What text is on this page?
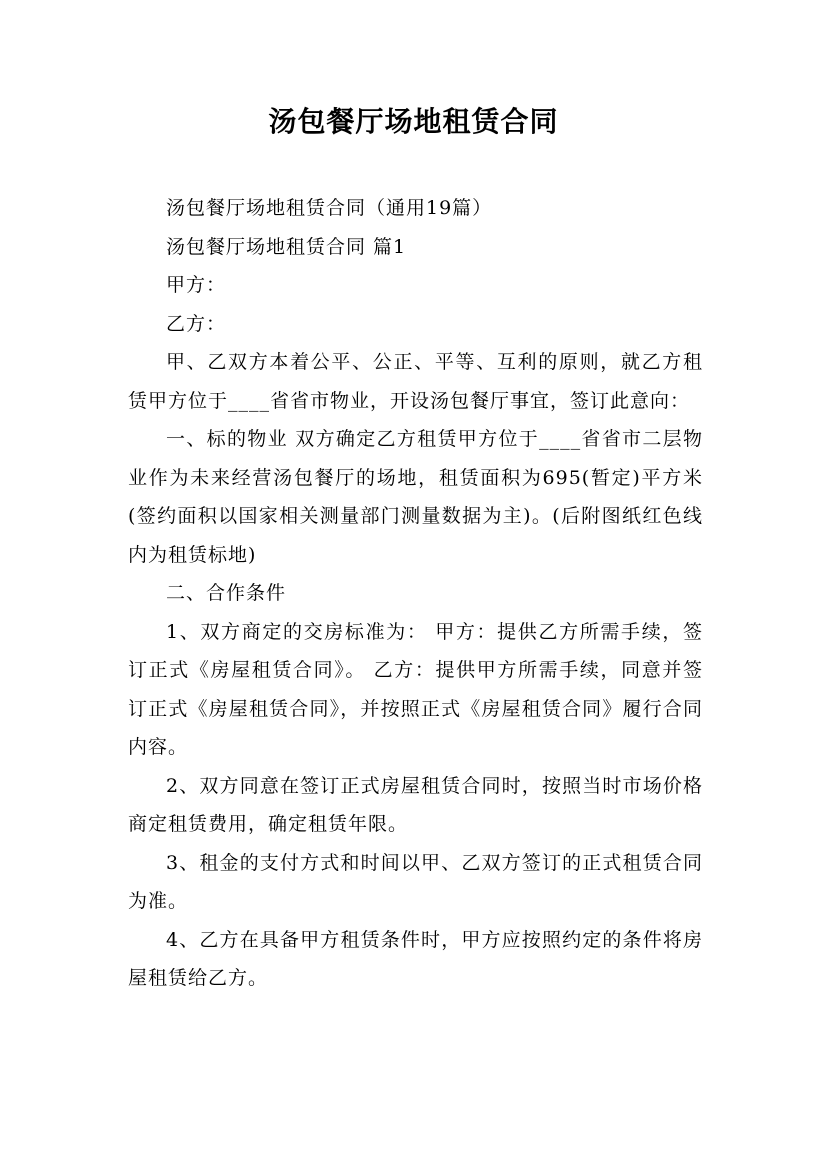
汤包餐厅场地租赁合同

汤包餐厅场地租赁合同（通用19篇）

汤包餐厅场地租赁合同 篇1

甲方：

乙方：

甲、乙双方本着公平、公正、平等、互利的原则，就乙方租赁甲方位于____省省市物业，开设汤包餐厅事宜，签订此意向：

一、标的物业 双方确定乙方租赁甲方位于____省省市二层物业作为未来经营汤包餐厅的场地，租赁面积为695(暂定)平方米(签约面积以国家相关测量部门测量数据为主)。(后附图纸红色线内为租赁标地)

二、合作条件

1、双方商定的交房标准为： 甲方：提供乙方所需手续，签订正式《房屋租赁合同》。 乙方：提供甲方所需手续，同意并签订正式《房屋租赁合同》，并按照正式《房屋租赁合同》履行合同内容。

2、双方同意在签订正式房屋租赁合同时，按照当时市场价格商定租赁费用，确定租赁年限。

3、租金的支付方式和时间以甲、乙双方签订的正式租赁合同为准。

4、乙方在具备甲方租赁条件时，甲方应按照约定的条件将房屋租赁给乙方。
